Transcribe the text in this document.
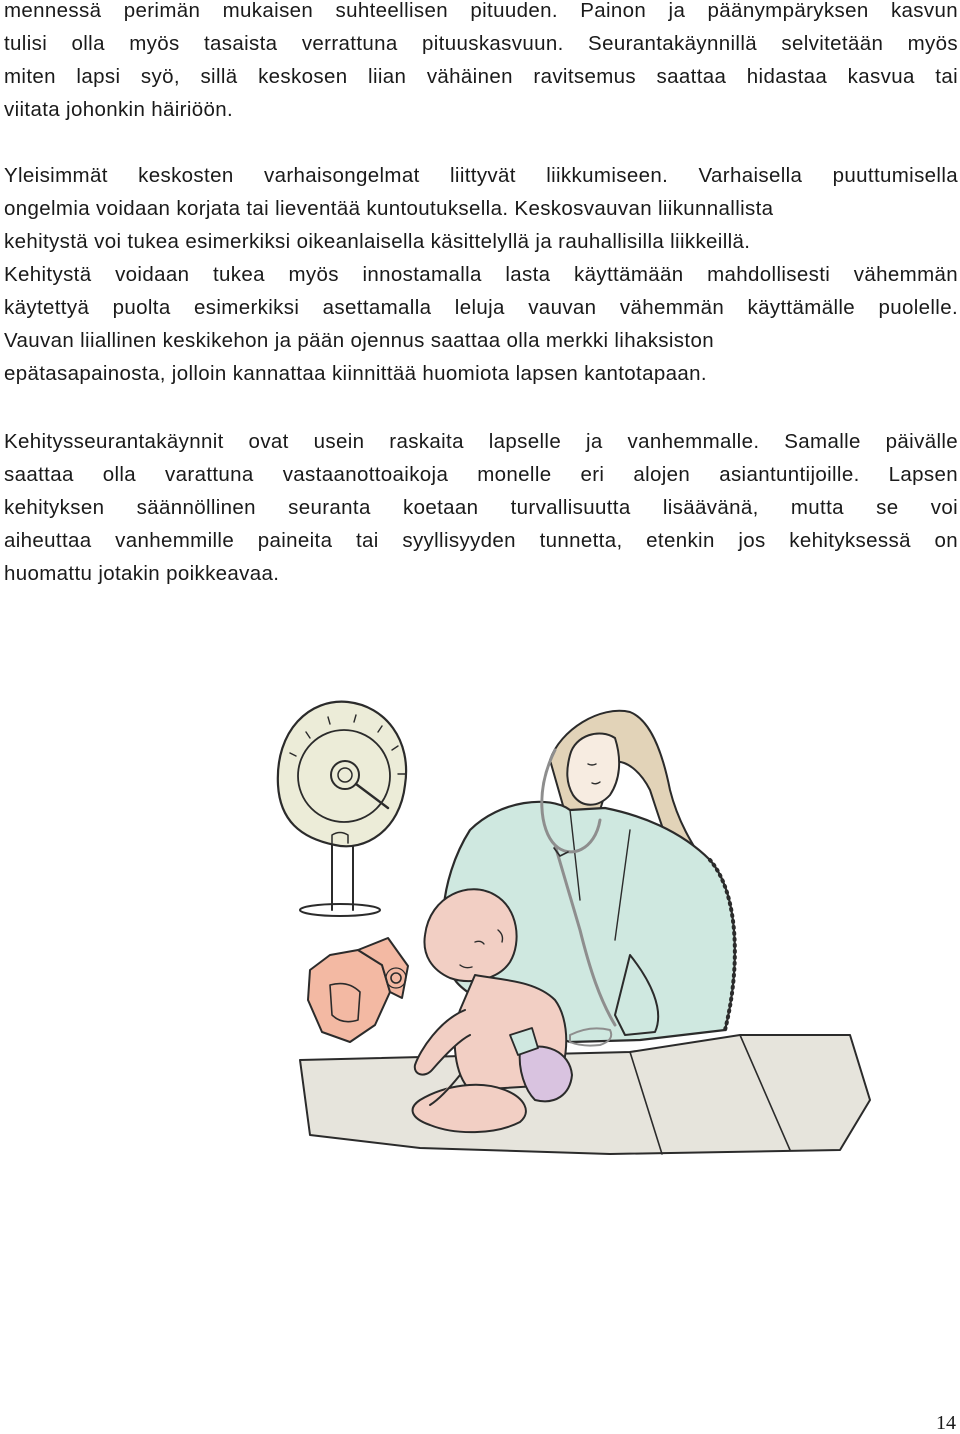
mennessä perimän mukaisen suhteellisen pituuden. Painon ja päänympäryksen kasvun
tulisi olla myös tasaista verrattuna pituuskasvuun. Seurantakäynnillä selvitetään myös
miten lapsi syö, sillä keskosen liian vähäinen ravitsemus saattaa hidastaa kasvua tai
viitata johonkin häiriöön.
Yleisimmät keskosten varhaisongelmat liittyvät liikkumiseen. Varhaisella puuttumisella
ongelmia voidaan korjata tai lieventää kuntoutuksella. Keskosvauvan liikunnallista
kehitystä voi tukea esimerkiksi oikeanlaisella käsittelyllä ja rauhallisilla liikkeillä.
Kehitystä voidaan tukea myös innostamalla lasta käyttämään mahdollisesti vähemmän
käytettyä puolta esimerkiksi asettamalla leluja vauvan vähemmän käyttämälle puolelle.
Vauvan liiallinen keskikehon ja pään ojennus saattaa olla merkki lihaksiston
epätasapainosta, jolloin kannattaa kiinnittää huomiota lapsen kantotapaan.
Kehitysseurantakäynnit ovat usein raskaita lapselle ja vanhemmalle. Samalle päivälle
saattaa olla varattuna vastaanottoaikoja monelle eri alojen asiantuntijoille. Lapsen
kehityksen säännöllinen seuranta koetaan turvallisuutta lisäävänä, mutta se voi
aiheuttaa vanhemmille paineita tai syyllisyyden tunnetta, etenkin jos kehityksessä on
huomattu jotakin poikkeavaa.
14
